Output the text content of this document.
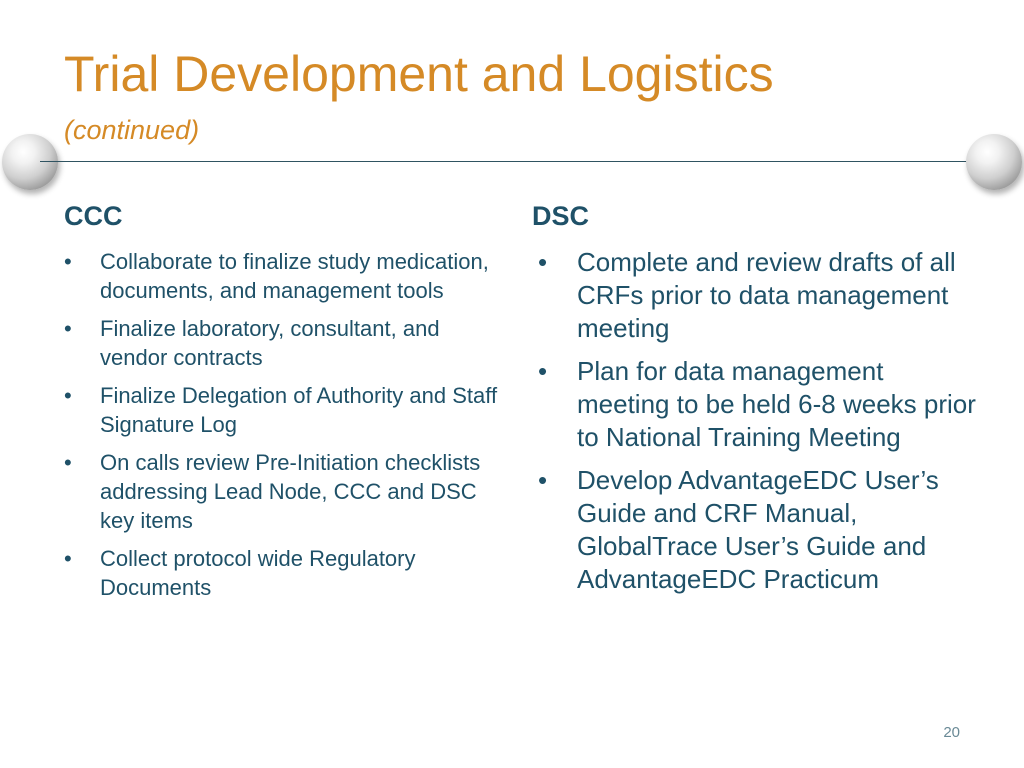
Trial Development and Logistics
(continued)
CCC
• Collaborate to finalize study medication, documents, and management tools
• Finalize laboratory, consultant, and vendor contracts
• Finalize Delegation of Authority and Staff Signature Log
• On calls review Pre-Initiation checklists addressing Lead Node, CCC and DSC key items
• Collect protocol wide Regulatory Documents
DSC
• Complete and review drafts of all CRFs prior to data management meeting
• Plan for data management meeting to be held 6-8 weeks prior to National Training Meeting
• Develop AdvantageEDC User’s Guide and CRF Manual, GlobalTrace User’s Guide and AdvantageEDC Practicum
20
